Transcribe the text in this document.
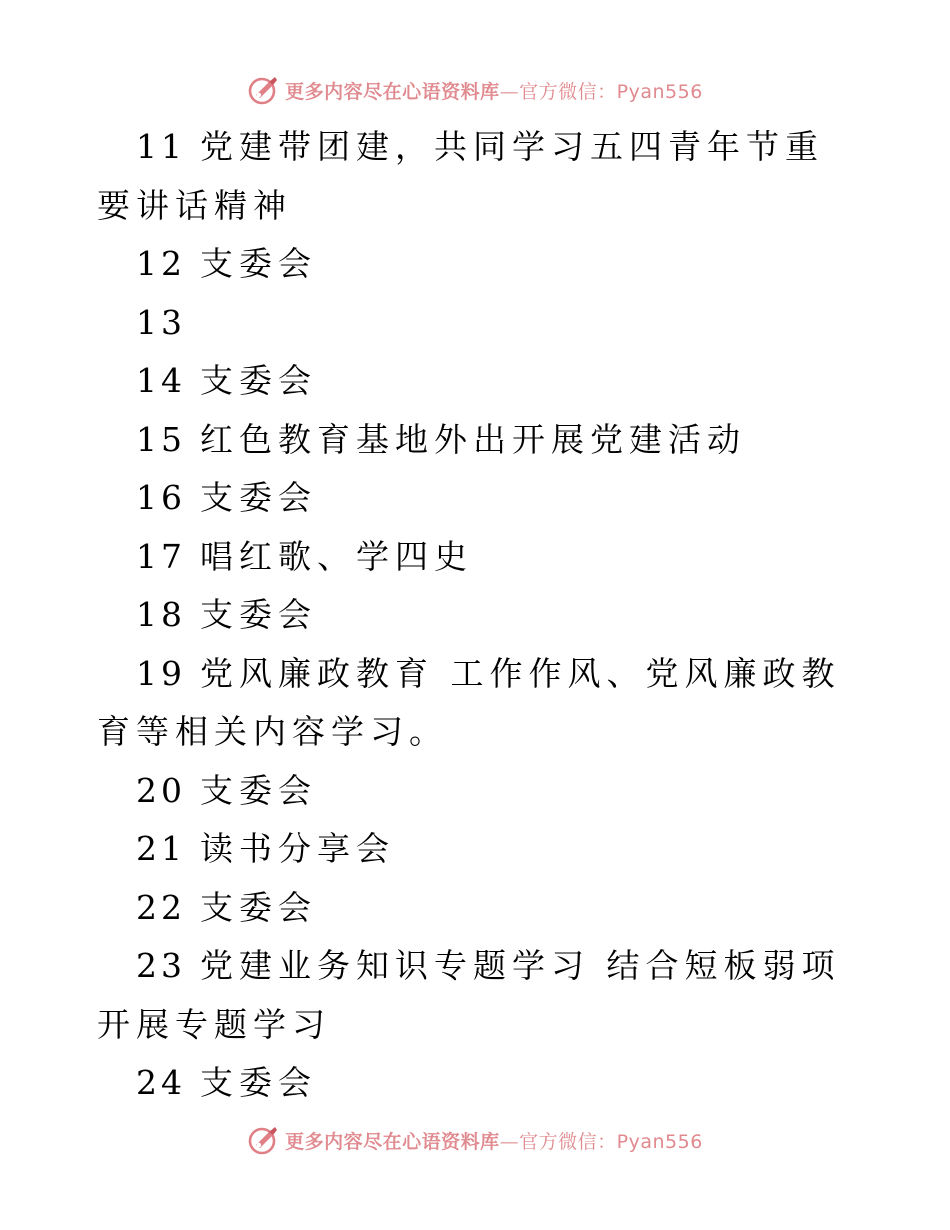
更多内容尽在心语资料库—官方微信：Pyan556

11 党建带团建，共同学习五四青年节重要讲话精神

12 支委会

13

14 支委会

15 红色教育基地外出开展党建活动

16 支委会

17 唱红歌、学四史

18 支委会

19 党风廉政教育 工作作风、党风廉政教育等相关内容学习。

20 支委会

21 读书分享会

22 支委会

23 党建业务知识专题学习 结合短板弱项开展专题学习

24 支委会

更多内容尽在心语资料库—官方微信：Pyan556
